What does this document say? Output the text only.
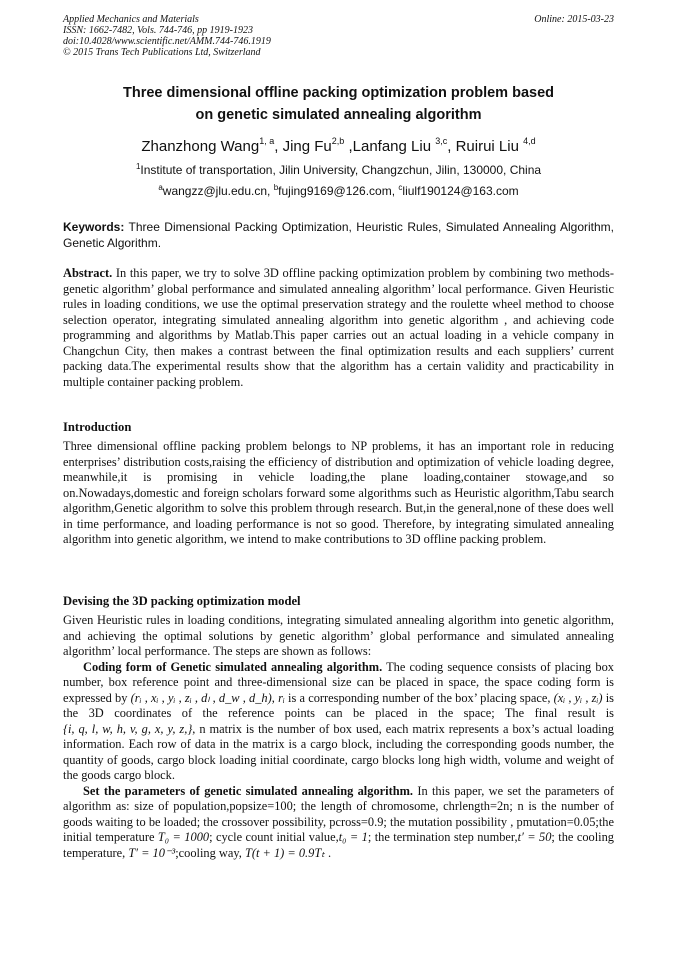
Applied Mechanics and Materials
ISSN: 1662-7482, Vols. 744-746, pp 1919-1923
doi:10.4028/www.scientific.net/AMM.744-746.1919
© 2015 Trans Tech Publications Ltd, Switzerland
Online: 2015-03-23
Three dimensional offline packing optimization problem based
on genetic simulated annealing algorithm
Zhanzhong Wang$^{1, a}$, Jing Fu$^{2,b}$ ,Lanfang Liu $^{3,c}$, Ruirui Liu $^{4,d}$
$^1$Institute of transportation, Jilin University, Changzchun, Jilin, 130000, China
$^a$wangzz@jlu.edu.cn, $^b$fujing9169@126.com, $^c$liulf190124@163.com
Keywords: Three Dimensional Packing Optimization, Heuristic Rules, Simulated Annealing Algorithm, Genetic Algorithm.
Abstract. In this paper, we try to solve 3D offline packing optimization problem by combining two methods-genetic algorithm’ global performance and simulated annealing algorithm’ local performance. Given Heuristic rules in loading conditions, we use the optimal preservation strategy and the roulette wheel method to choose selection operator, integrating simulated annealing algorithm into genetic algorithm , and achieving code programming and algorithms by Matlab.This paper carries out an actual loading in a vehicle company in Changchun City, then makes a contrast between the final optimization results and each suppliers’ current packing data.The experimental results show that the algorithm has a certain validity and practicability in multiple container packing problem.
Introduction
Three dimensional offline packing problem belongs to NP problems, it has an important role in reducing enterprises’ distribution costs,raising the efficiency of distribution and optimization of vehicle loading degree, meanwhile,it is promising in vehicle loading,the plane loading,container stowage,and so on.Nowadays,domestic and foreign scholars forward some algorithms such as Heuristic algorithm,Tabu search algorithm,Genetic algorithm to solve this problem through research. But,in the general,none of these does well in time performance, and loading performance is not so good. Therefore, by integrating simulated annealing algorithm into genetic algorithm, we intend to make contributions to 3D offline packing problem.
Devising the 3D packing optimization model
Given Heuristic rules in loading conditions, integrating simulated annealing algorithm into genetic algorithm, and achieving the optimal solutions by genetic algorithm’ global performance and simulated annealing algorithm’ local performance. The steps are shown as follows:
Coding form of Genetic simulated annealing algorithm. The coding sequence consists of placing box number, box reference point and three-dimensional size can be placed in space, the space coding form is expressed by (rᵢ , xᵢ , yᵢ , zᵢ , dₗ , d_w , d_h), rᵢ is a corresponding number of the box’ placing space, (xᵢ , yᵢ , zᵢ) is the 3D coordinates of the reference points can be placed in the space; The final result is {i, q, l, w, h, v, g, x, y, z,}, n matrix is the number of box used, each matrix represents a box’s actual loading information. Each row of data in the matrix is a cargo block, including the corresponding goods number, the quantity of goods, cargo block loading initial coordinate, cargo blocks long high width, volume and weight of the goods cargo block.
Set the parameters of genetic simulated annealing algorithm. In this paper, we set the parameters of algorithm as: size of population,popsize=100; the length of chromosome, chrlength=2n; n is the number of goods waiting to be loaded; the crossover possibility, pcross=0.9; the mutation possibility , pmutation=0.05;the initial temperature T₀ = 1000; cycle count initial value,t₀ = 1; the termination step number,t′ = 50; the cooling temperature, T′ = 10⁻³;cooling way, T(t + 1) = 0.9Tₜ .
